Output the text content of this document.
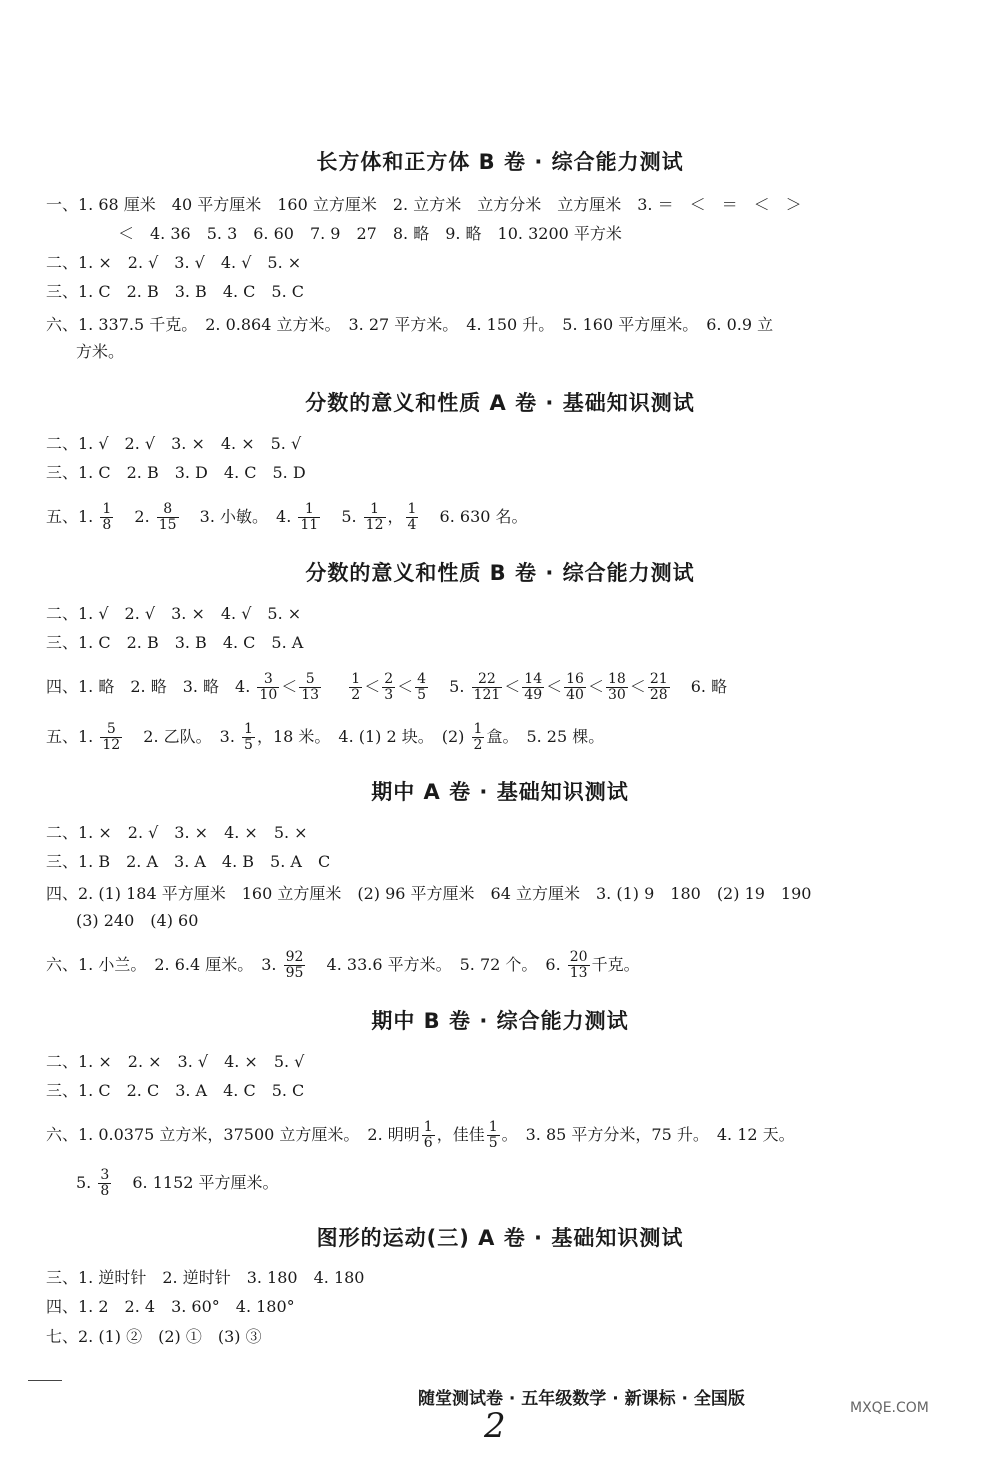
长方体和正方体 B 卷 · 综合能力测试
一、1. 68 厘米　40 平方厘米　160 立方厘米　2. 立方米　立方分米　立方厘米　3. ＝　＜　＝　＜　＞
＜　4. 36　5. 3　6. 60　7. 9　27　8. 略　9. 略　10. 3200 平方米
二、1. ×　2. √　3. √　4. √　5. ×
三、1. C　2. B　3. B　4. C　5. C
六、1. 337.5 千克。　2. 0.864 立方米。　3. 27 平方米。　4. 150 升。　5. 160 平方厘米。　6. 0.9 立
方米。
分数的意义和性质 A 卷 · 基础知识测试
二、1. √　2. √　3. ×　4. ×　5. √
三、1. C　2. B　3. D　4. C　5. D
五、1. $\frac{1}{8} 2$. $\frac{8}{15} 3$. 小敏。　4. $\frac{1}{11} 5$. $\frac{1}{12}$ ， $\frac{1}{4} 6$. 630 名。
分数的意义和性质 B 卷 · 综合能力测试
二、1. √　2. √　3. ×　4. √　5. ×
三、1. C　2. B　3. B　4. C　5. A
四、1. 略　2. 略　3. 略　4. $\frac{3}{10} < \frac{5}{13}$
$\frac{1}{2} < \frac{2}{3} < \frac{4}{5} 5$. $\frac{22}{121} < \frac{14}{49} < \frac{16}{40} < \frac{18}{30} < \frac{21}{28} 6$. 略
五、1. $\frac{5}{12} 2$. 乙队。　3. $\frac{1}{5}$ ，18 米。　4. (1) 2 块。　$(2) \frac{1}{2}$ 盒。　5. 25 棵。
期中 A 卷 · 基础知识测试
二、1. ×　2. √　3. ×　4. ×　5. ×
三、1. B　2. A　3. A　4. B　5. A　C
四、2. (1) 184 平方厘米　160 立方厘米　(2) 96 平方厘米　64 立方厘米　3. (1) 9　180　(2) 19　190
(3) 240　(4) 60
六、1. 小兰。　2. 6.4 厘米。　3. $\frac{92}{95} 4$. 33.6 平方米。　5. 72 个。　6. $\frac{20}{13}$ 千克。
期中 B 卷 · 综合能力测试
二、1. ×　2. ×　3. √　4. ×　5. √
三、1. C　2. C　3. A　4. C　5. C
六、1. 0.0375 立方米，37500 立方厘米。　2. 明明 $\frac{1}{6}$ ，佳佳 $\frac{1}{5}$ 。　3. 85 平方分米，75 升。　4. 12 天。
5. $\frac{3}{8} 6$. 1152 平方厘米。
图形的运动(三) A 卷 · 基础知识测试
三、1. 逆时针　2. 逆时针　3. 180　4. 180
四、1. 2　2. 4　3. 60°　4. 180°
七、2. (1) ②　(2) ①　(3) ③
随堂测试卷 · 五年级数学 · 新课标 · 全国版
2	MXQE.COM
